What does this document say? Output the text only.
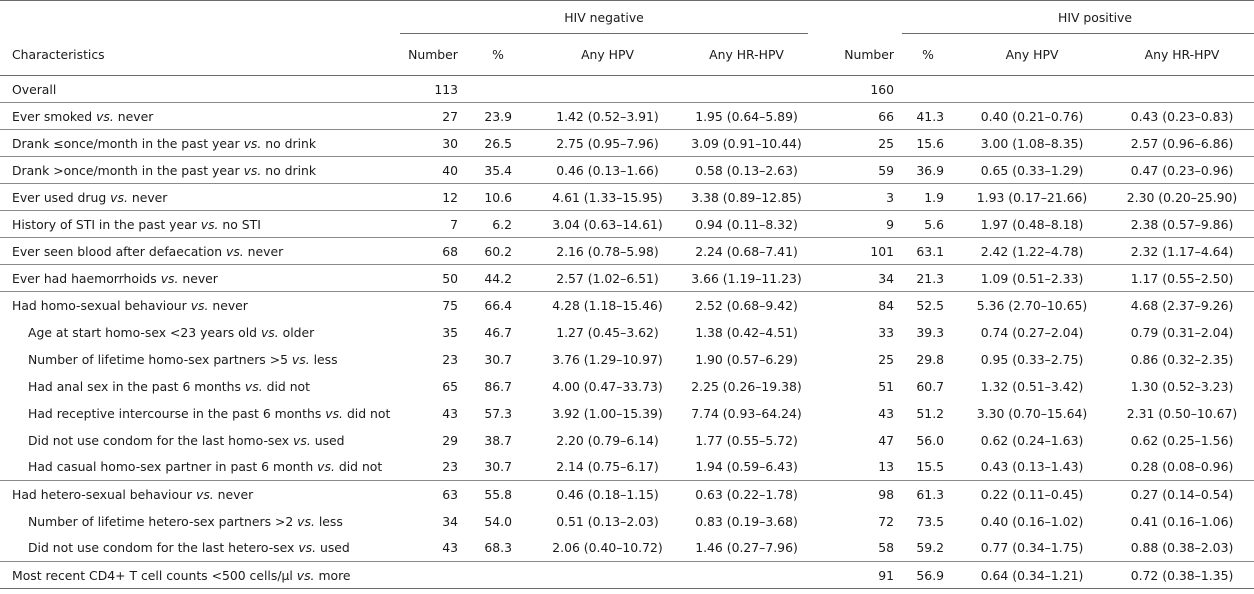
	HIV negative					HIV positive		
Characteristics	Number	%	Any HPV	Any HR-HPV	Number	%	Any HPV	Any HR-HPV
Overall	113				160			
Ever smoked vs. never	27	23.9	1.42 (0.52–3.91)	1.95 (0.64–5.89)	66	41.3	0.40 (0.21–0.76)	0.43 (0.23–0.83)
Drank ≤once/month in the past year vs. no drink	30	26.5	2.75 (0.95–7.96)	3.09 (0.91–10.44)	25	15.6	3.00 (1.08–8.35)	2.57 (0.96–6.86)
Drank >once/month in the past year vs. no drink	40	35.4	0.46 (0.13–1.66)	0.58 (0.13–2.63)	59	36.9	0.65 (0.33–1.29)	0.47 (0.23–0.96)
Ever used drug vs. never	12	10.6	4.61 (1.33–15.95)	3.38 (0.89–12.85)	3	1.9	1.93 (0.17–21.66)	2.30 (0.20–25.90)
History of STI in the past year vs. no STI	7	6.2	3.04 (0.63–14.61)	0.94 (0.11–8.32)	9	5.6	1.97 (0.48–8.18)	2.38 (0.57–9.86)
Ever seen blood after defaecation vs. never	68	60.2	2.16 (0.78–5.98)	2.24 (0.68–7.41)	101	63.1	2.42 (1.22–4.78)	2.32 (1.17–4.64)
Ever had haemorrhoids vs. never	50	44.2	2.57 (1.02–6.51)	3.66 (1.19–11.23)	34	21.3	1.09 (0.51–2.33)	1.17 (0.55–2.50)
Had homo-sexual behaviour vs. never	75	66.4	4.28 (1.18–15.46)	2.52 (0.68–9.42)	84	52.5	5.36 (2.70–10.65)	4.68 (2.37–9.26)
Age at start homo-sex <23 years old vs. older	35	46.7	1.27 (0.45–3.62)	1.38 (0.42–4.51)	33	39.3	0.74 (0.27–2.04)	0.79 (0.31–2.04)
Number of lifetime homo-sex partners >5 vs. less	23	30.7	3.76 (1.29–10.97)	1.90 (0.57–6.29)	25	29.8	0.95 (0.33–2.75)	0.86 (0.32–2.35)
Had anal sex in the past 6 months vs. did not	65	86.7	4.00 (0.47–33.73)	2.25 (0.26–19.38)	51	60.7	1.32 (0.51–3.42)	1.30 (0.52–3.23)
Had receptive intercourse in the past 6 months vs. did not	43	57.3	3.92 (1.00–15.39)	7.74 (0.93–64.24)	43	51.2	3.30 (0.70–15.64)	2.31 (0.50–10.67)
Did not use condom for the last homo-sex vs. used	29	38.7	2.20 (0.79–6.14)	1.77 (0.55–5.72)	47	56.0	0.62 (0.24–1.63)	0.62 (0.25–1.56)
Had casual homo-sex partner in past 6 month vs. did not	23	30.7	2.14 (0.75–6.17)	1.94 (0.59–6.43)	13	15.5	0.43 (0.13–1.43)	0.28 (0.08–0.96)
Had hetero-sexual behaviour vs. never	63	55.8	0.46 (0.18–1.15)	0.63 (0.22–1.78)	98	61.3	0.22 (0.11–0.45)	0.27 (0.14–0.54)
Number of lifetime hetero-sex partners >2 vs. less	34	54.0	0.51 (0.13–2.03)	0.83 (0.19–3.68)	72	73.5	0.40 (0.16–1.02)	0.41 (0.16–1.06)
Did not use condom for the last hetero-sex vs. used	43	68.3	2.06 (0.40–10.72)	1.46 (0.27–7.96)	58	59.2	0.77 (0.34–1.75)	0.88 (0.38–2.03)
Most recent CD4+ T cell counts <500 cells/μl vs. more					91	56.9	0.64 (0.34–1.21)	0.72 (0.38–1.35)
